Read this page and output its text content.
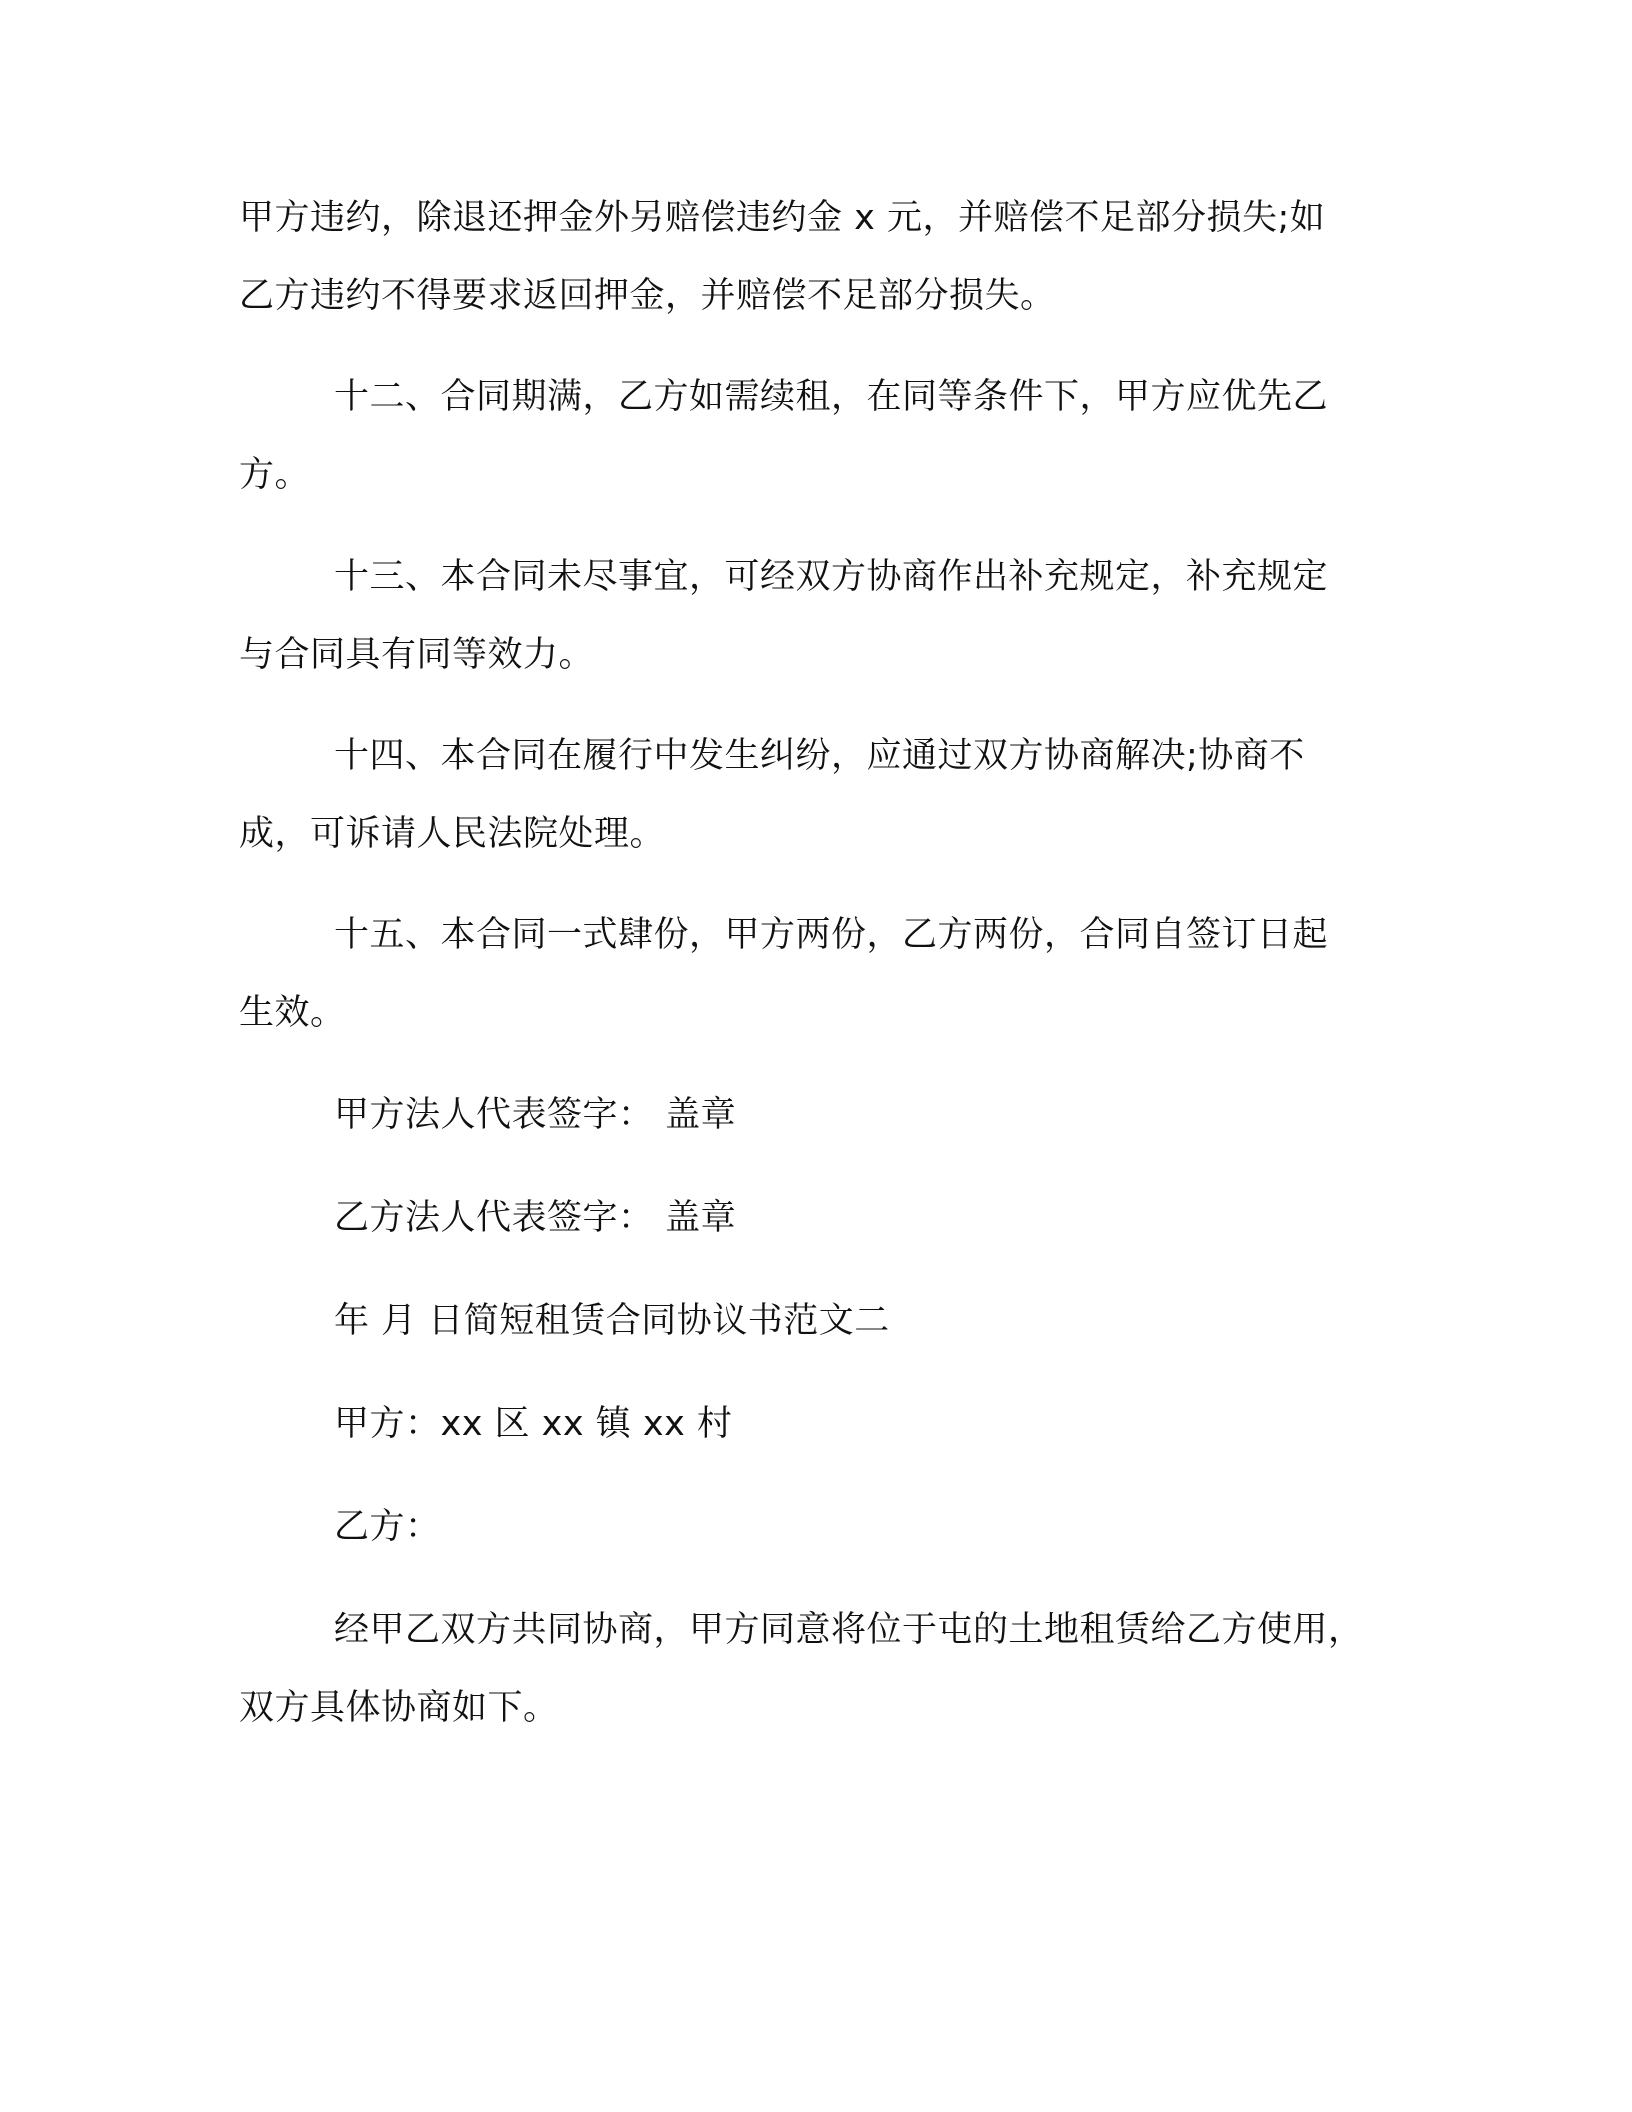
甲方违约，除退还押金外另赔偿违约金 x 元，并赔偿不足部分损失;如

乙方违约不得要求返回押金，并赔偿不足部分损失。

十二、合同期满，乙方如需续租，在同等条件下，甲方应优先乙

方。

十三、本合同未尽事宜，可经双方协商作出补充规定，补充规定

与合同具有同等效力。

十四、本合同在履行中发生纠纷，应通过双方协商解决;协商不

成，可诉请人民法院处理。

十五、本合同一式肆份，甲方两份，乙方两份，合同自签订日起

生效。

甲方法人代表签字： 盖章

乙方法人代表签字： 盖章

年 月 日简短租赁合同协议书范文二

甲方：xx 区 xx 镇 xx 村

乙方：

经甲乙双方共同协商，甲方同意将位于屯的土地租赁给乙方使用，

双方具体协商如下。
